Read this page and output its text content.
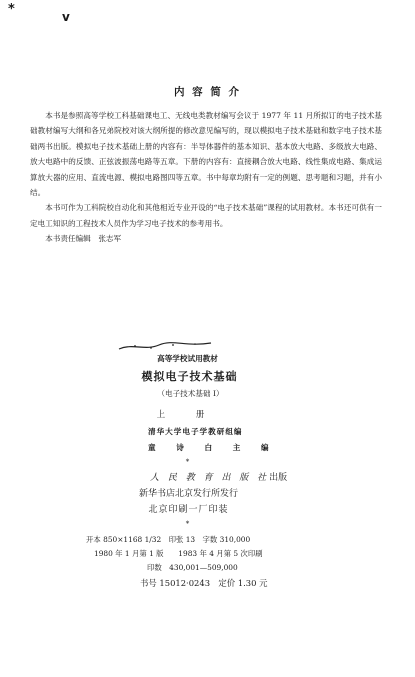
*	v
内 容 简 介

本书是参照高等学校工科基础课电工、无线电类教材编写会议于 1977 年 11 月所拟订的电子技术基础教材编写大纲和各兄弟院校对该大纲所提的修改意见编写的，现以模拟电子技术基础和数字电子技术基础两书出版。模拟电子技术基础上册的内容有：半导体器件的基本知识、基本放大电路、多级放大电路、放大电路中的反馈、正弦波振荡电路等五章。下册的内容有：直接耦合放大电路、线性集成电路、集成运算放大器的应用、直流电源、模拟电路图四等五章。书中每章均附有一定的例题、思考题和习题，并有小结。

本书可作为工科院校自动化和其他相近专业开设的“电子技术基础”课程的试用教材。本书还可供有一定电工知识的工程技术人员作为学习电子技术的参考用书。

本书责任编辑　张志军

高等学校试用教材
模拟电子技术基础
（电子技术基础 I）
上 册
清华大学电子学教研组编
童 诗 白 主 编
*
人 民 教 育 出 版 社出版
新华书店北京发行所发行
北京印刷一厂印装
*
开本 850×1168 1/32　印张 13　字数 310,000
1980 年 1 月第 1 版　　1983 年 4 月第 5 次印刷
印数　430,001—509,000
书号 15012·0243　定价 1.30 元
